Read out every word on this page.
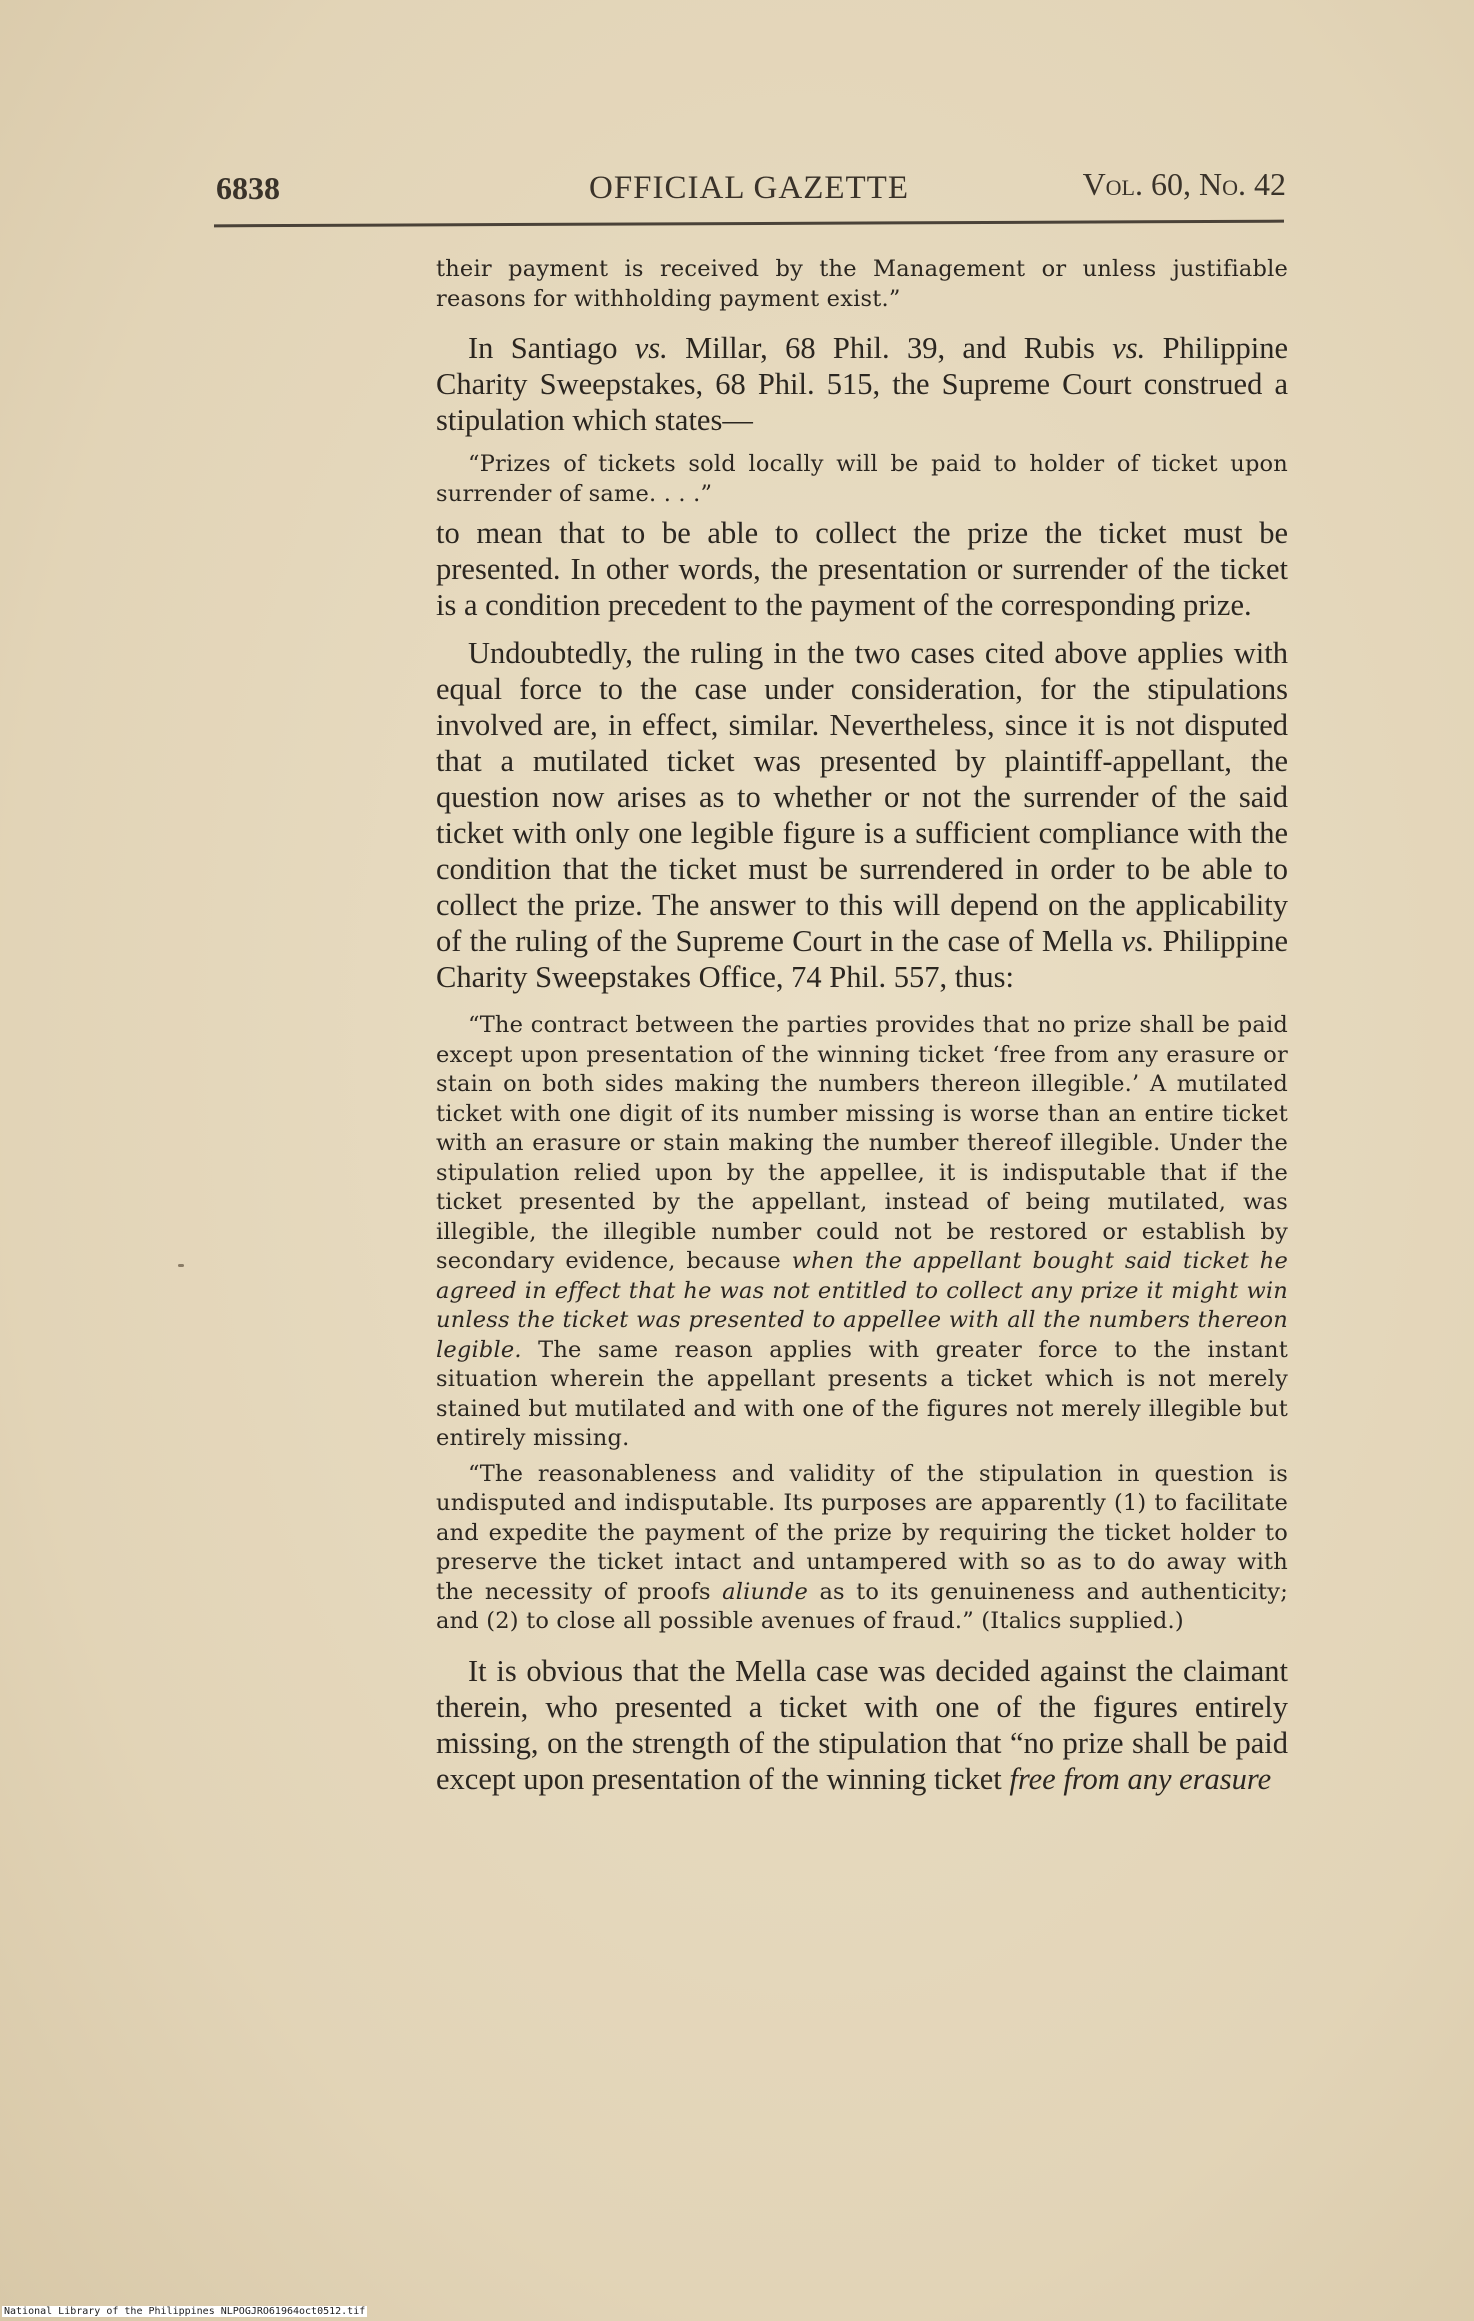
6838	OFFICIAL GAZETTE	Vol. 60, No. 42

their payment is received by the Management or unless justifiable reasons for withholding payment exist.”

In Santiago vs. Millar, 68 Phil. 39, and Rubis vs. Philippine Charity Sweepstakes, 68 Phil. 515, the Supreme Court construed a stipulation which states—

“Prizes of tickets sold locally will be paid to holder of ticket upon surrender of same. . . .”

to mean that to be able to collect the prize the ticket must be presented. In other words, the presentation or surrender of the ticket is a condition precedent to the payment of the corresponding prize.

Undoubtedly, the ruling in the two cases cited above applies with equal force to the case under consideration, for the stipulations involved are, in effect, similar. Nevertheless, since it is not disputed that a mutilated ticket was presented by plaintiff-appellant, the question now arises as to whether or not the surrender of the said ticket with only one legible figure is a sufficient compliance with the condition that the ticket must be surrendered in order to be able to collect the prize. The answer to this will depend on the applicability of the ruling of the Supreme Court in the case of Mella vs. Philippine Charity Sweepstakes Office, 74 Phil. 557, thus:

“The contract between the parties provides that no prize shall be paid except upon presentation of the winning ticket ‘free from any erasure or stain on both sides making the numbers thereon illegible.’ A mutilated ticket with one digit of its number missing is worse than an entire ticket with an erasure or stain making the number thereof illegible. Under the stipulation relied upon by the appellee, it is indisputable that if the ticket presented by the appellant, instead of being mutilated, was illegible, the illegible number could not be restored or establish by secondary evidence, because when the appellant bought said ticket he agreed in effect that he was not entitled to collect any prize it might win unless the ticket was presented to appellee with all the numbers thereon legible. The same reason applies with greater force to the instant situation wherein the appellant presents a ticket which is not merely stained but mutilated and with one of the figures not merely illegible but entirely missing.

“The reasonableness and validity of the stipulation in question is undisputed and indisputable. Its purposes are apparently (1) to facilitate and expedite the payment of the prize by requiring the ticket holder to preserve the ticket intact and untampered with so as to do away with the necessity of proofs aliunde as to its genuineness and authenticity; and (2) to close all possible avenues of fraud.” (Italics supplied.)

It is obvious that the Mella case was decided against the claimant therein, who presented a ticket with one of the figures entirely missing, on the strength of the stipulation that “no prize shall be paid except upon presentation of the winning ticket free from any erasure

National Library of the Philippines NLPOGJRO61964oct0512.tif
